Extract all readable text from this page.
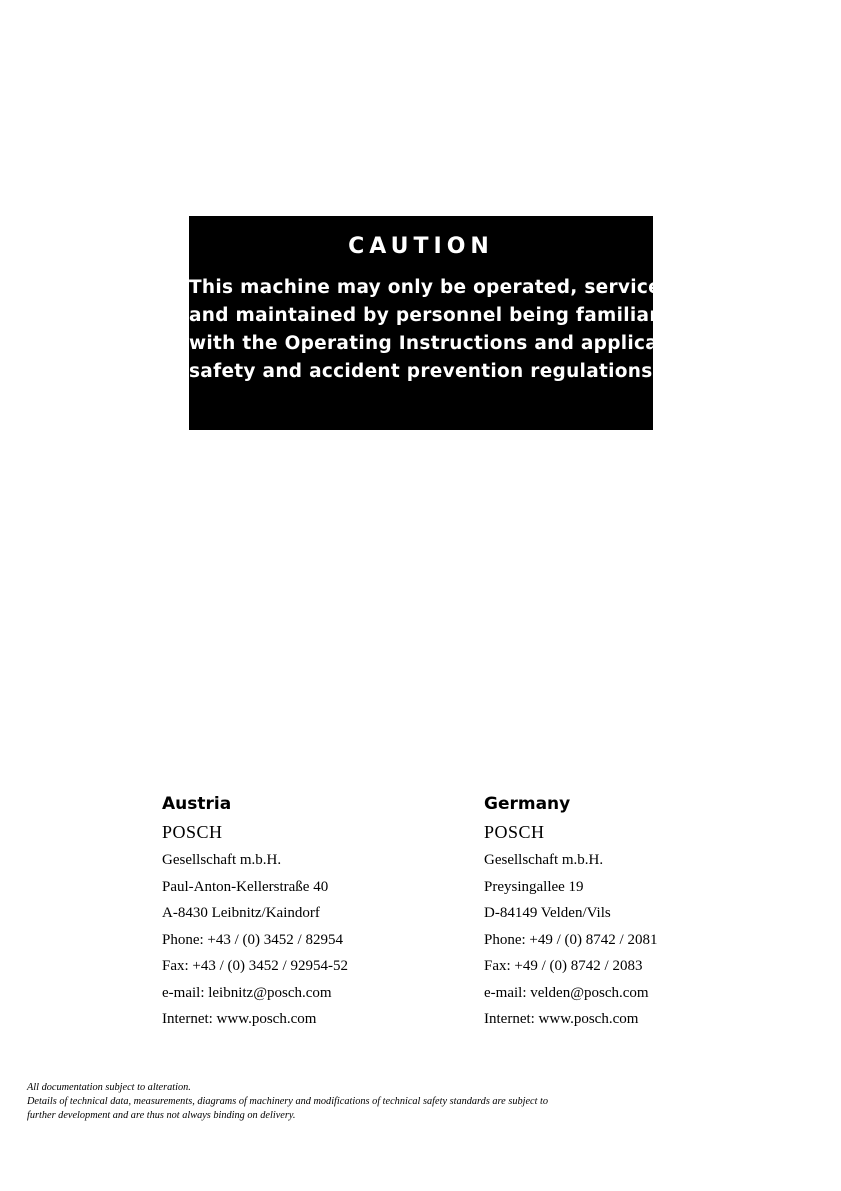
CAUTION
This machine may only be operated, serviced
and maintained by personnel being familiar
with the Operating Instructions and applicable
safety and accident prevention regulations!
Austria
POSCH
Gesellschaft m.b.H.
Paul-Anton-Kellerstraße 40
A-8430 Leibnitz/Kaindorf
Phone: +43 / (0) 3452 / 82954
Fax: +43 / (0) 3452 / 92954-52
e-mail: leibnitz@posch.com
Internet: www.posch.com
Germany
POSCH
Gesellschaft m.b.H.
Preysingallee 19
D-84149 Velden/Vils
Phone: +49 / (0) 8742 / 2081
Fax: +49 / (0) 8742 / 2083
e-mail: velden@posch.com
Internet: www.posch.com
All documentation subject to alteration.
Details of technical data, measurements, diagrams of machinery and modifications of technical safety standards are subject to
further development and are thus not always binding on delivery.
